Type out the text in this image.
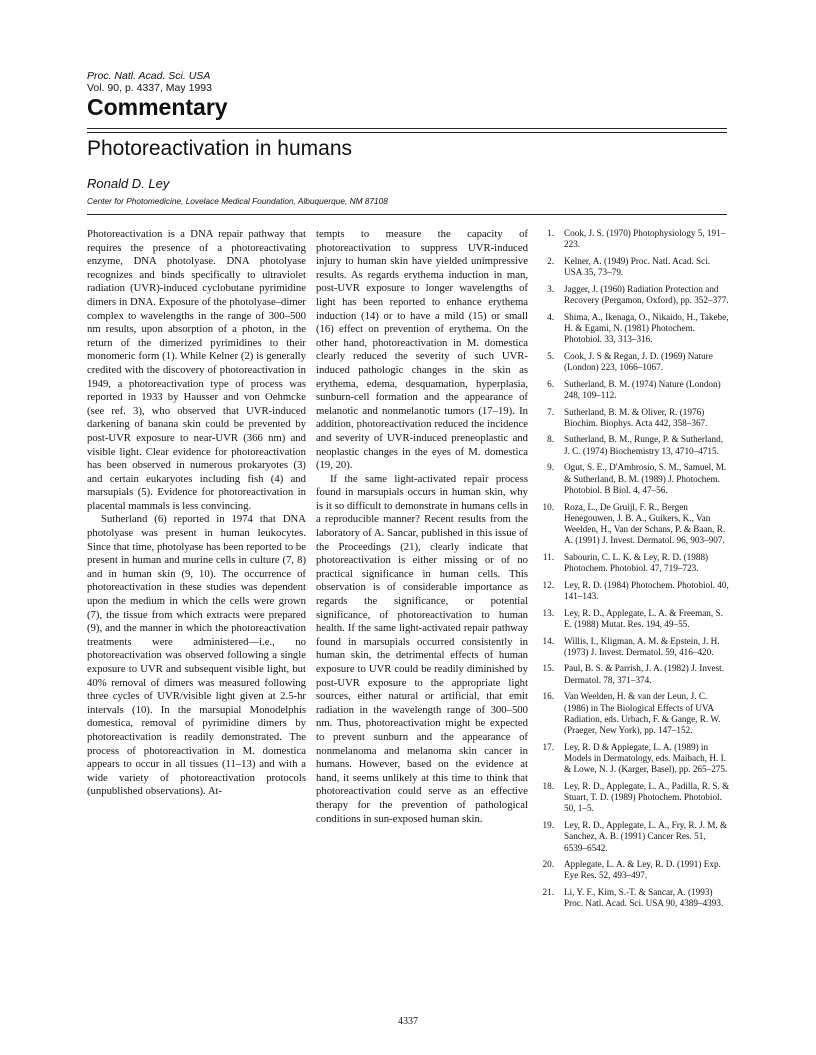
Proc. Natl. Acad. Sci. USA
Vol. 90, p. 4337, May 1993
Commentary
Photoreactivation in humans
Ronald D. Ley
Center for Photomedicine, Lovelace Medical Foundation, Albuquerque, NM 87108

Photoreactivation is a DNA repair pathway that requires the presence of a photoreactivating enzyme, DNA photolyase. DNA photolyase recognizes and binds specifically to ultraviolet radiation (UVR)-induced cyclobutane pyrimidine dimers in DNA. Exposure of the photolyase–dimer complex to wavelengths in the range of 300–500 nm results, upon absorption of a photon, in the return of the dimerized pyrimidines to their monomeric form (1). While Kelner (2) is generally credited with the discovery of photoreactivation in 1949, a photoreactivation type of process was reported in 1933 by Hausser and von Oehmcke (see ref. 3), who observed that UVR-induced darkening of banana skin could be prevented by post-UVR exposure to near-UVR (366 nm) and visible light. Clear evidence for photoreactivation has been observed in numerous prokaryotes (3) and certain eukaryotes including fish (4) and marsupials (5). Evidence for photoreactivation in placental mammals is less convincing.

Sutherland (6) reported in 1974 that DNA photolyase was present in human leukocytes. Since that time, photolyase has been reported to be present in human and murine cells in culture (7, 8) and in human skin (9, 10). The occurrence of photoreactivation in these studies was dependent upon the medium in which the cells were grown (7), the tissue from which extracts were prepared (9), and the manner in which the photoreactivation treatments were administered—i.e., no photoreactivation was observed following a single exposure to UVR and subsequent visible light, but 40% removal of dimers was measured following three cycles of UVR/visible light given at 2.5-hr intervals (10). In the marsupial Monodelphis domestica, removal of pyrimidine dimers by photoreactivation is readily demonstrated. The process of photoreactivation in M. domestica appears to occur in all tissues (11–13) and with a wide variety of photoreactivation protocols (unpublished observations). At-

tempts to measure the capacity of photoreactivation to suppress UVR-induced injury to human skin have yielded unimpressive results. As regards erythema induction in man, post-UVR exposure to longer wavelengths of light has been reported to enhance erythema induction (14) or to have a mild (15) or small (16) effect on prevention of erythema. On the other hand, photoreactivation in M. domestica clearly reduced the severity of such UVR-induced pathologic changes in the skin as erythema, edema, desquamation, hyperplasia, sunburn-cell formation and the appearance of melanotic and nonmelanotic tumors (17–19). In addition, photoreactivation reduced the incidence and severity of UVR-induced preneoplastic and neoplastic changes in the eyes of M. domestica (19, 20).

If the same light-activated repair process found in marsupials occurs in human skin, why is it so difficult to demonstrate in humans cells in a reproducible manner? Recent results from the laboratory of A. Sancar, published in this issue of the Proceedings (21), clearly indicate that photoreactivation is either missing or of no practical significance in human cells. This observation is of considerable importance as regards the significance, or potential significance, of photoreactivation to human health. If the same light-activated repair pathway found in marsupials occurred consistently in human skin, the detrimental effects of human exposure to UVR could be readily diminished by post-UVR exposure to the appropriate light sources, either natural or artificial, that emit radiation in the wavelength range of 300–500 nm. Thus, photoreactivation might be expected to prevent sunburn and the appearance of nonmelanoma and melanoma skin cancer in humans. However, based on the evidence at hand, it seems unlikely at this time to think that photoreactivation could serve as an effective therapy for the prevention of pathological conditions in sun-exposed human skin.

1. Cook, J. S. (1970) Photophysiology 5, 191–223.
2. Kelner, A. (1949) Proc. Natl. Acad. Sci. USA 35, 73–79.
3. Jagger, J. (1960) Radiation Protection and Recovery (Pergamon, Oxford), pp. 352–377.
4. Shima, A., Ikenaga, O., Nikaido, H., Takebe, H. & Egami, N. (1981) Photochem. Photobiol. 33, 313–316.
5. Cook, J. S & Regan, J. D. (1969) Nature (London) 223, 1066–1067.
6. Sutherland, B. M. (1974) Nature (London) 248, 109–112.
7. Sutherland, B. M. & Oliver, R. (1976) Biochim. Biophys. Acta 442, 358–367.
8. Sutherland, B. M., Runge, P. & Sutherland, J. C. (1974) Biochemistry 13, 4710–4715.
9. Ogut, S. E., D'Ambrosio, S. M., Samuel, M. & Sutherland, B. M. (1989) J. Photochem. Photobiol. B Biol. 4, 47–56.
10. Roza, L., De Gruijl, F. R., Bergen Henegouwen, J. B. A., Guikers, K., Van Weelden, H., Van der Schans, P. & Baan, R. A. (1991) J. Invest. Dermatol. 96, 903–907.
11. Sabourin, C. L. K. & Ley, R. D. (1988) Photochem. Photobiol. 47, 719–723.
12. Ley, R. D. (1984) Photochem. Photobiol. 40, 141–143.
13. Ley, R. D., Applegate, L. A. & Freeman, S. E. (1988) Mutat. Res. 194, 49–55.
14. Willis, I., Kligman, A. M. & Epstein, J. H. (1973) J. Invest. Dermatol. 59, 416–420.
15. Paul, B. S. & Parrish, J. A. (1982) J. Invest. Dermatol. 78, 371–374.
16. Van Weelden, H. & van der Leun, J. C. (1986) in The Biological Effects of UVA Radiation, eds. Urbach, F. & Gange, R. W. (Praeger, New York), pp. 147–152.
17. Ley, R. D & Applegate, L. A. (1989) in Models in Dermatology, eds. Maibach, H. I. & Lowe, N. J. (Karger, Basel), pp. 265–275.
18. Ley, R. D., Applegate, L. A., Padilla, R. S. & Stuart, T. D. (1989) Photochem. Photobiol. 50, 1–5.
19. Ley, R. D., Applegate, L. A., Fry, R. J. M. & Sanchez, A. B. (1991) Cancer Res. 51, 6539–6542.
20. Applegate, L. A. & Ley, R. D. (1991) Exp. Eye Res. 52, 493–497.
21. Li, Y. F., Kim, S.-T. & Sancar, A. (1993) Proc. Natl. Acad. Sci. USA 90, 4389–4393.
4337
